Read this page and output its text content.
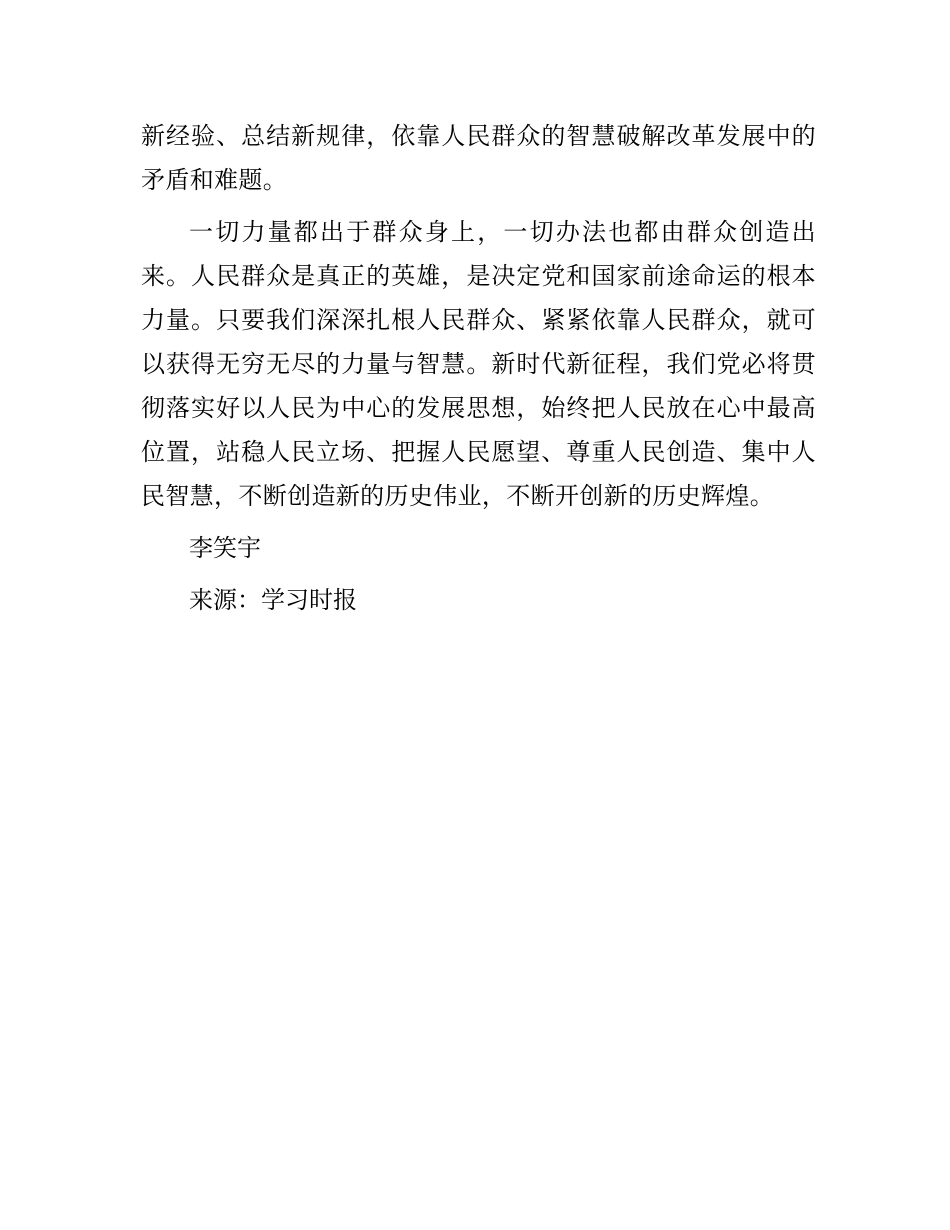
新经验、总结新规律，依靠人民群众的智慧破解改革发展中的矛盾和难题。

一切力量都出于群众身上，一切办法也都由群众创造出来。人民群众是真正的英雄，是决定党和国家前途命运的根本力量。只要我们深深扎根人民群众、紧紧依靠人民群众，就可以获得无穷无尽的力量与智慧。新时代新征程，我们党必将贯彻落实好以人民为中心的发展思想，始终把人民放在心中最高位置，站稳人民立场、把握人民愿望、尊重人民创造、集中人民智慧，不断创造新的历史伟业，不断开创新的历史辉煌。

李笑宇

来源：学习时报
